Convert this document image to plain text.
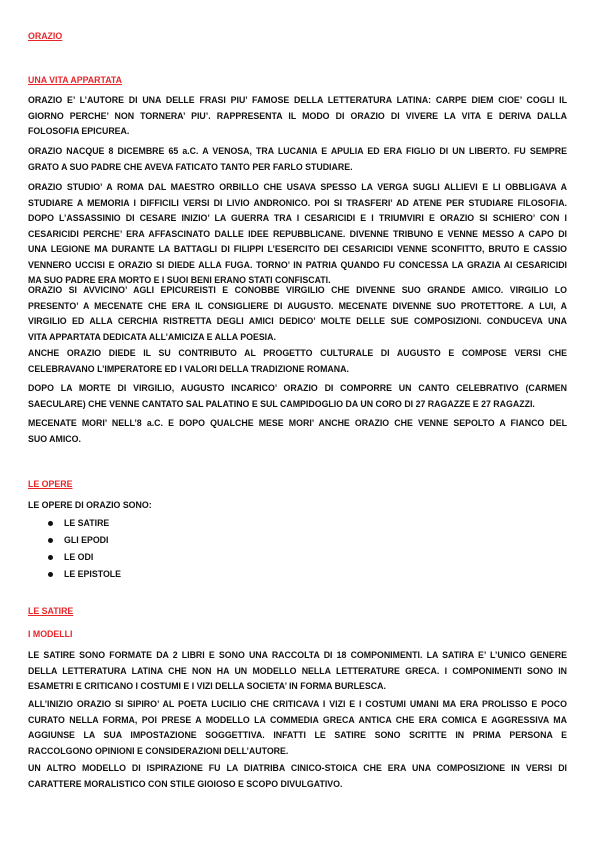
ORAZIO
UNA VITA APPARTATA
ORAZIO E’ L’AUTORE DI UNA DELLE FRASI PIU’ FAMOSE DELLA LETTERATURA LATINA: CARPE DIEM CIOE’ COGLI IL
GIORNO PERCHE’ NON TORNERA’ PIU’. RAPPRESENTA IL MODO DI ORAZIO DI VIVERE LA VITA E DERIVA DALLA
FOLOSOFIA EPICUREA.
ORAZIO NACQUE 8 DICEMBRE 65 a.C. A VENOSA, TRA LUCANIA E APULIA ED ERA FIGLIO DI UN LIBERTO. FU SEMPRE
GRATO A SUO PADRE CHE AVEVA FATICATO TANTO PER FARLO STUDIARE.
ORAZIO STUDIO’ A ROMA DAL MAESTRO ORBILLO CHE USAVA SPESSO LA VERGA SUGLI ALLIEVI E LI OBBLIGAVA A
STUDIARE A MEMORIA I DIFFICILI VERSI DI LIVIO ANDRONICO. POI SI TRASFERI’ AD ATENE PER STUDIARE FILOSOFIA.
DOPO L’ASSASSINIO DI CESARE INIZIO’ LA GUERRA TRA I CESARICIDI E I TRIUMVIRI E ORAZIO SI SCHIERO’ CON I
CESARICIDI PERCHE’ ERA AFFASCINATO DALLE IDEE REPUBBLICANE. DIVENNE TRIBUNO E VENNE MESSO A CAPO DI
UNA LEGIONE MA DURANTE LA BATTAGLI DI FILIPPI L’ESERCITO DEI CESARICIDI VENNE SCONFITTO, BRUTO E CASSIO
VENNERO UCCISI E ORAZIO SI DIEDE ALLA FUGA. TORNO’ IN PATRIA QUANDO FU CONCESSA LA GRAZIA AI CESARICIDI
MA SUO PADRE ERA MORTO E I SUOI BENI ERANO STATI CONFISCATI.
ORAZIO SI AVVICINO’ AGLI EPICUREISTI E CONOBBE VIRGILIO CHE DIVENNE SUO GRANDE AMICO. VIRGILIO LO
PRESENTO’ A MECENATE CHE ERA IL CONSIGLIERE DI AUGUSTO. MECENATE DIVENNE SUO PROTETTORE. A LUI, A
VIRGILIO ED ALLA CERCHIA RISTRETTA DEGLI AMICI DEDICO’ MOLTE DELLE SUE COMPOSIZIONI. CONDUCEVA UNA
VITA APPARTATA DEDICATA ALL’AMICIZA E ALLA POESIA.
ANCHE ORAZIO DIEDE IL SU CONTRIBUTO AL PROGETTO CULTURALE DI AUGUSTO E COMPOSE VERSI CHE
CELEBRAVANO L’IMPERATORE ED I VALORI DELLA TRADIZIONE ROMANA.
DOPO LA MORTE DI VIRGILIO, AUGUSTO INCARICO’ ORAZIO DI COMPORRE UN CANTO CELEBRATIVO (CARMEN
SAECULARE) CHE VENNE CANTATO SAL PALATINO E SUL CAMPIDOGLIO DA UN CORO DI 27 RAGAZZE E 27 RAGAZZI.
MECENATE MORI’ NELL’8 a.C. E DOPO QUALCHE MESE MORI’ ANCHE ORAZIO CHE VENNE SEPOLTO A FIANCO DEL
SUO AMICO.
LE OPERE
LE OPERE DI ORAZIO SONO:
LE SATIRE
GLI EPODI
LE ODI
LE EPISTOLE
LE SATIRE
I MODELLI
LE SATIRE SONO FORMATE DA 2 LIBRI E SONO UNA RACCOLTA DI 18 COMPONIMENTI. LA SATIRA E’ L’UNICO GENERE
DELLA LETTERATURA LATINA CHE NON HA UN MODELLO NELLA LETTERATURE GRECA. I COMPONIMENTI SONO IN
ESAMETRI E CRITICANO I COSTUMI E I VIZI DELLA SOCIETA’ IN FORMA BURLESCA.
ALL’INIZIO ORAZIO SI SIPIRO’ AL POETA LUCILIO CHE CRITICAVA I VIZI E I COSTUMI UMANI MA ERA PROLISSO E POCO
CURATO NELLA FORMA, POI PRESE A MODELLO LA COMMEDIA GRECA ANTICA CHE ERA COMICA E AGGRESSIVA MA
AGGIUNSE LA SUA IMPOSTAZIONE SOGGETTIVA. INFATTI LE SATIRE SONO SCRITTE IN PRIMA PERSONA E
RACCOLGONO OPINIONI E CONSIDERAZIONI DELL’AUTORE.
UN ALTRO MODELLO DI ISPIRAZIONE FU LA DIATRIBA CINICO-STOICA CHE ERA UNA COMPOSIZIONE IN VERSI DI
CARATTERE MORALISTICO CON STILE GIOIOSO E SCOPO DIVULGATIVO.
